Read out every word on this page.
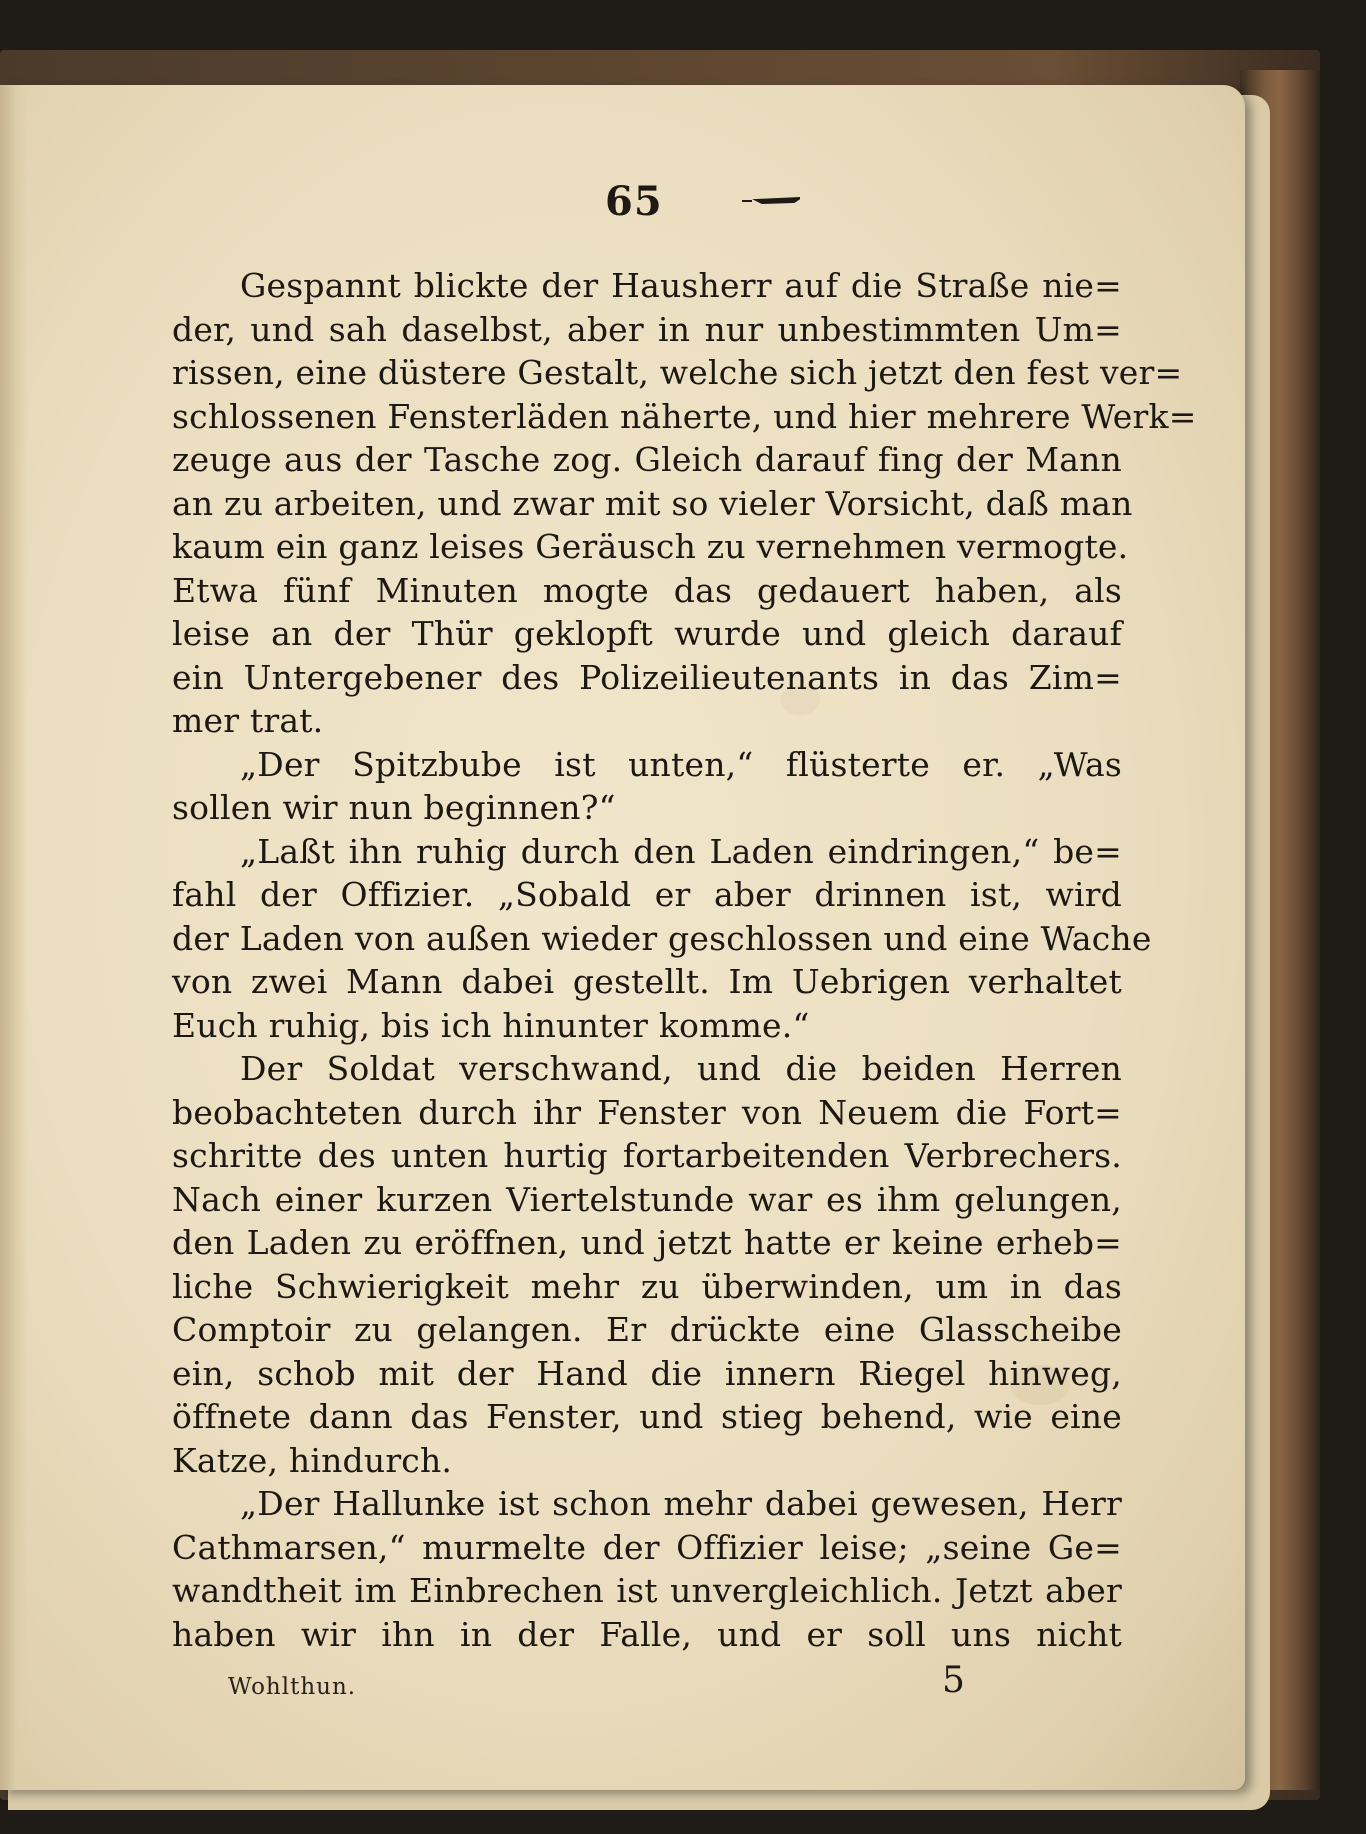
65
Gespannt blickte der Hausherr auf die Straße nie=
der, und sah daselbst, aber in nur unbestimmten Um=
rissen, eine düstere Gestalt, welche sich jetzt den fest ver=
schlossenen Fensterläden näherte, und hier mehrere Werk=
zeuge aus der Tasche zog. Gleich darauf fing der Mann
an zu arbeiten, und zwar mit so vieler Vorsicht, daß man
kaum ein ganz leises Geräusch zu vernehmen vermogte.
Etwa fünf Minuten mogte das gedauert haben, als
leise an der Thür geklopft wurde und gleich darauf
ein Untergebener des Polizeilieutenants in das Zim=
mer trat.
„Der Spitzbube ist unten,“ flüsterte er. „Was
sollen wir nun beginnen?“
„Laßt ihn ruhig durch den Laden eindringen,“ be=
fahl der Offizier. „Sobald er aber drinnen ist, wird
der Laden von außen wieder geschlossen und eine Wache
von zwei Mann dabei gestellt. Im Uebrigen verhaltet
Euch ruhig, bis ich hinunter komme.“
Der Soldat verschwand, und die beiden Herren
beobachteten durch ihr Fenster von Neuem die Fort=
schritte des unten hurtig fortarbeitenden Verbrechers.
Nach einer kurzen Viertelstunde war es ihm gelungen,
den Laden zu eröffnen, und jetzt hatte er keine erheb=
liche Schwierigkeit mehr zu überwinden, um in das
Comptoir zu gelangen. Er drückte eine Glasscheibe
ein, schob mit der Hand die innern Riegel hinweg,
öffnete dann das Fenster, und stieg behend, wie eine
Katze, hindurch.
„Der Hallunke ist schon mehr dabei gewesen, Herr
Cathmarsen,“ murmelte der Offizier leise; „seine Ge=
wandtheit im Einbrechen ist unvergleichlich. Jetzt aber
haben wir ihn in der Falle, und er soll uns nicht
Wohlthun.	5
